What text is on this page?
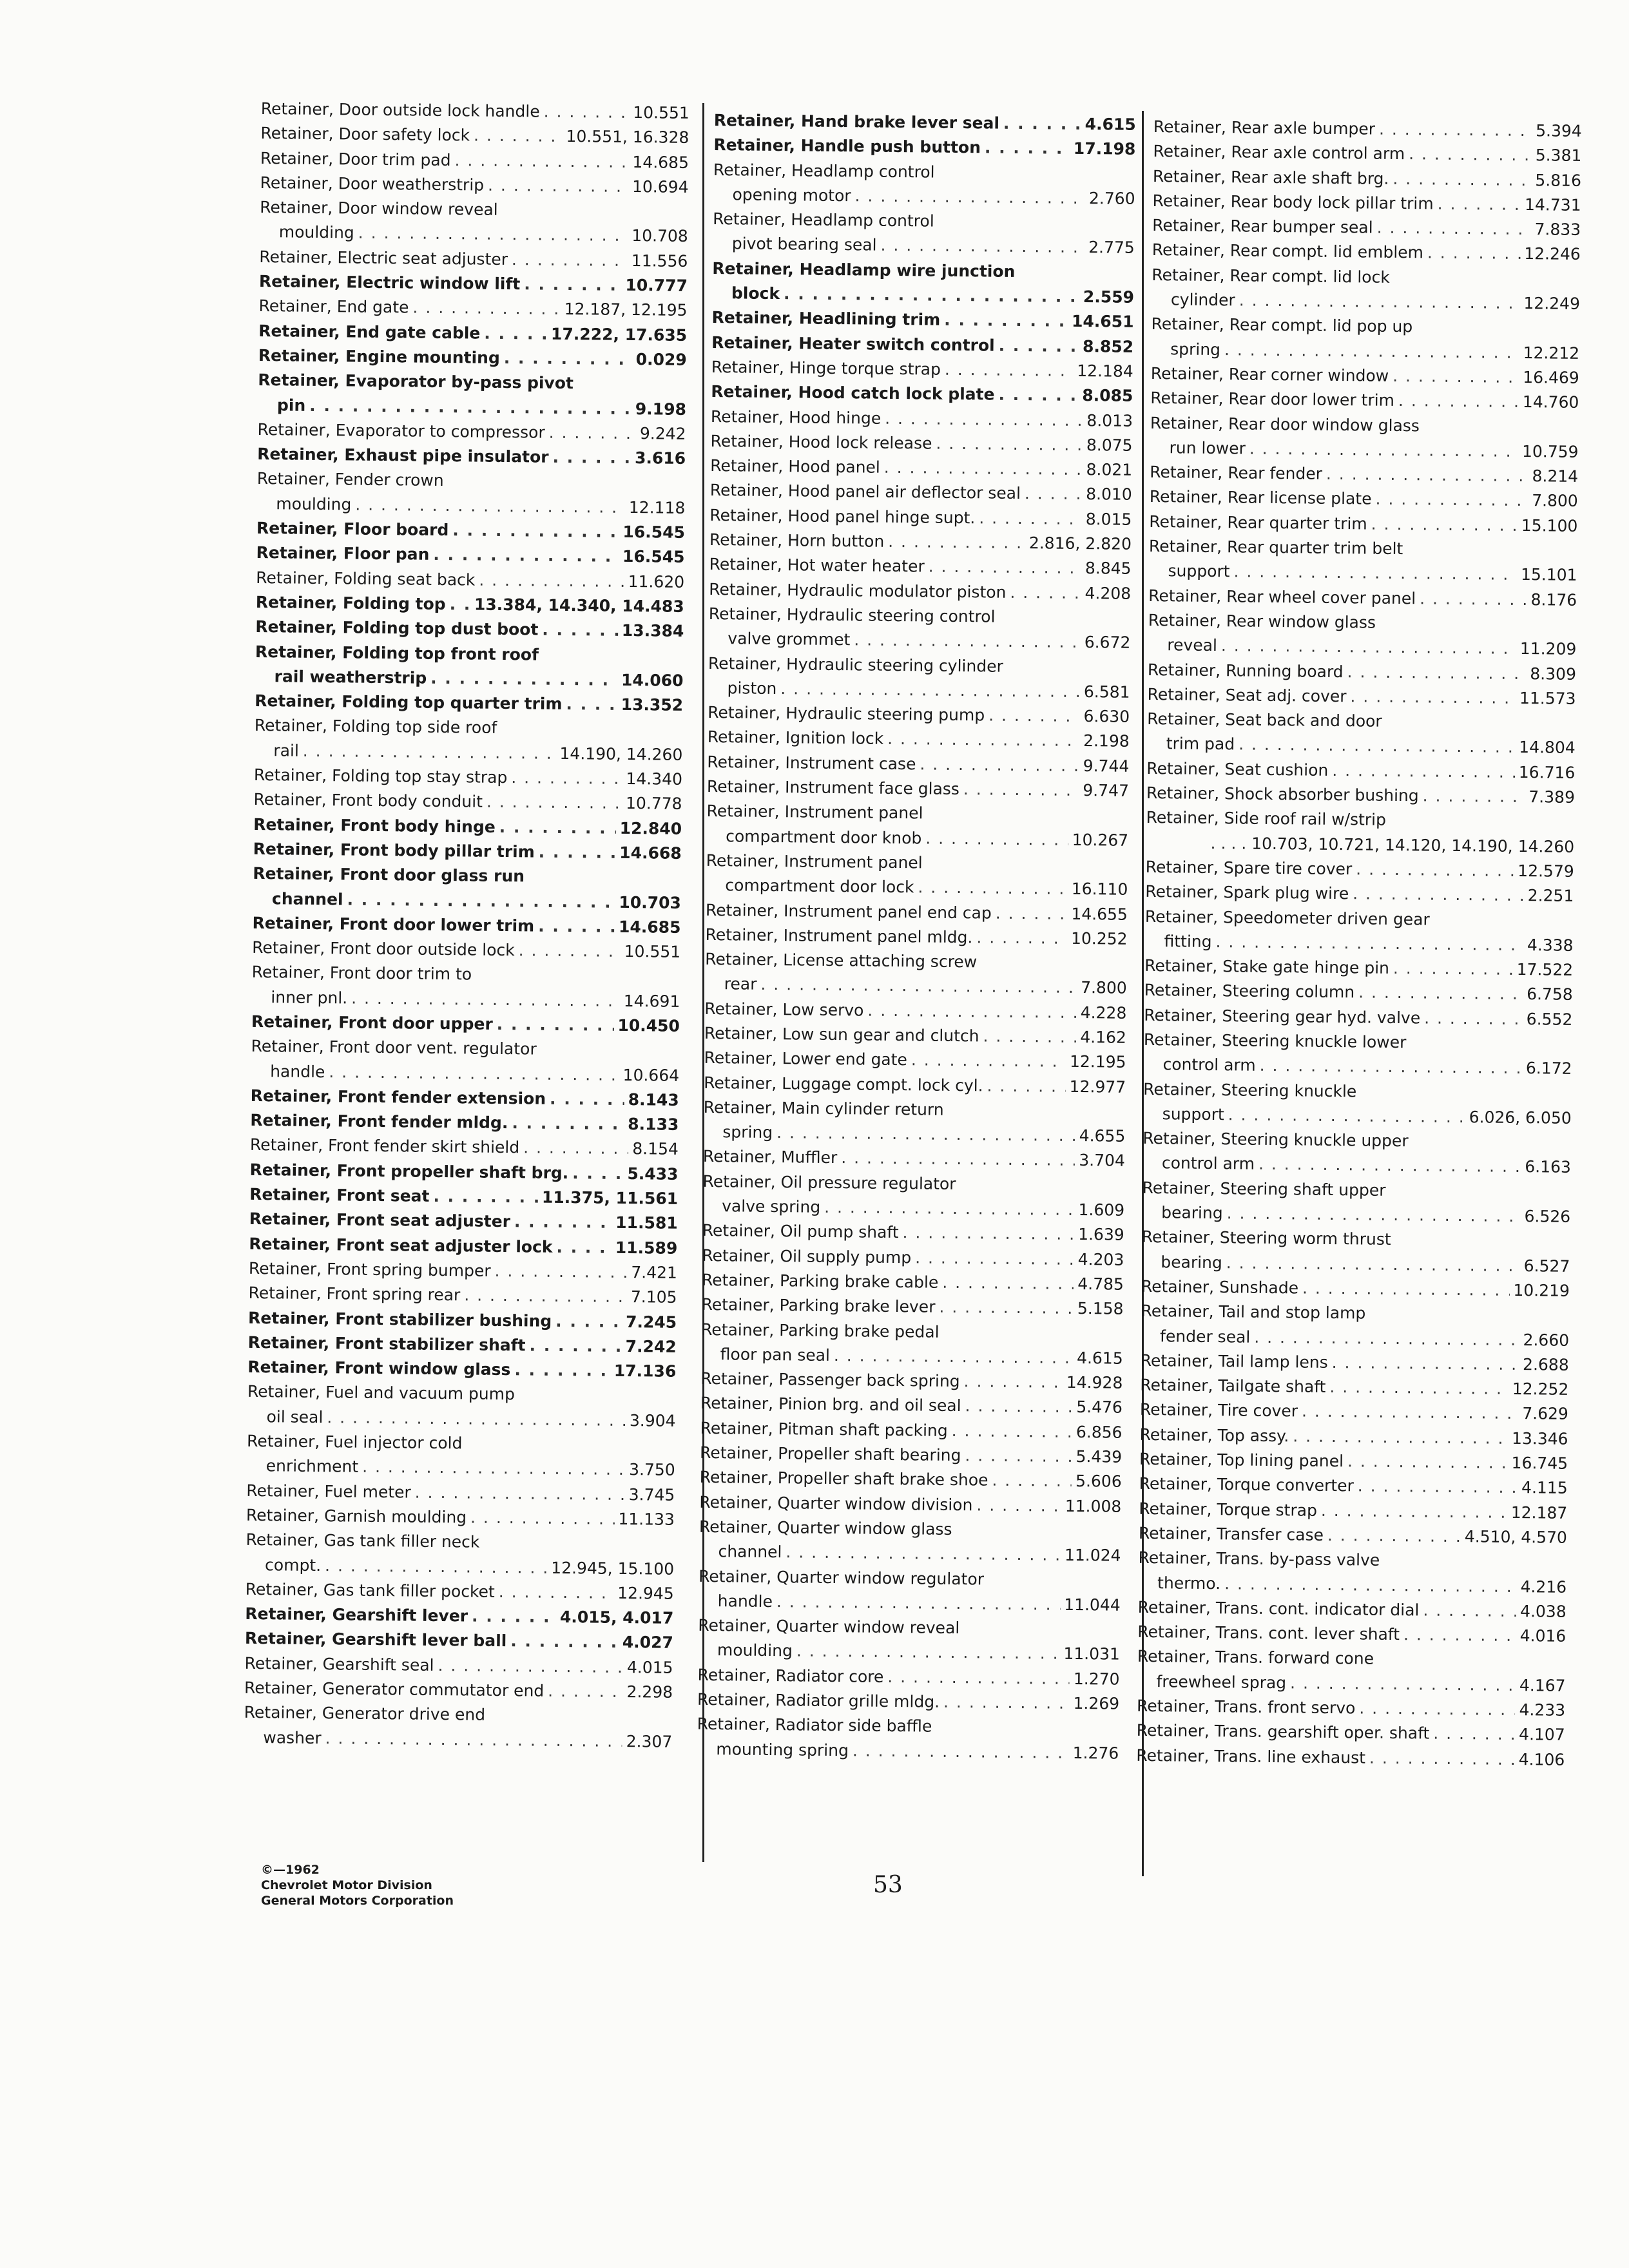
Retainer, Door outside lock handle . . .	10.551
Retainer, Door safety lock . . .	10.551, 16.328
Retainer, Door trim pad . . .	14.685
Retainer, Door weatherstrip . . .	10.694
Retainer, Door window reveal
moulding . . .	10.708
Retainer, Electric seat adjuster . . .	11.556
Retainer, Electric window lift . . .	10.777
Retainer, End gate . . .	12.187, 12.195
Retainer, End gate cable . . .	17.222, 17.635
Retainer, Engine mounting . . .	0.029
Retainer, Evaporator by-pass pivot
pin . . .	9.198
Retainer, Evaporator to compressor . . .	9.242
Retainer, Exhaust pipe insulator . . .	3.616
Retainer, Fender crown
moulding . . .	12.118
Retainer, Floor board . . .	16.545
Retainer, Floor pan . . .	16.545
Retainer, Folding seat back . . .	11.620
Retainer, Folding top . . . 13.384, 14.340, 14.483
Retainer, Folding top dust boot . . .	13.384
Retainer, Folding top front roof
rail weatherstrip . . .	14.060
Retainer, Folding top quarter trim . . .	13.352
Retainer, Folding top side roof
rail . . .	14.190, 14.260
Retainer, Folding top stay strap . . .	14.340
Retainer, Front body conduit . . .	10.778
Retainer, Front body hinge . . .	12.840
Retainer, Front body pillar trim . . .	14.668
Retainer, Front door glass run
channel . . .	10.703
Retainer, Front door lower trim . . .	14.685
Retainer, Front door outside lock . . .	10.551
Retainer, Front door trim to
inner pnl. . . .	14.691
Retainer, Front door upper . . .	10.450
Retainer, Front door vent. regulator
handle . . .	10.664
Retainer, Front fender extension . . .	8.143
Retainer, Front fender mldg. . . .	8.133
Retainer, Front fender skirt shield . . .	8.154
Retainer, Front propeller shaft brg. . . .	5.433
Retainer, Front seat . . .	11.375, 11.561
Retainer, Front seat adjuster . . .	11.581
Retainer, Front seat adjuster lock . . .	11.589
Retainer, Front spring bumper . . .	7.421
Retainer, Front spring rear . . .	7.105
Retainer, Front stabilizer bushing . . .	7.245
Retainer, Front stabilizer shaft . . .	7.242
Retainer, Front window glass . . .	17.136
Retainer, Fuel and vacuum pump
oil seal . . .	3.904
Retainer, Fuel injector cold
enrichment . . .	3.750
Retainer, Fuel meter . . .	3.745
Retainer, Garnish moulding . . .	11.133
Retainer, Gas tank filler neck
compt. . . .	12.945, 15.100
Retainer, Gas tank filler pocket . . .	12.945
Retainer, Gearshift lever . . .	4.015, 4.017
Retainer, Gearshift lever ball . . .	4.027
Retainer, Gearshift seal . . .	4.015
Retainer, Generator commutator end . . .	2.298
Retainer, Generator drive end
washer . . .	2.307
Retainer, Hand brake lever seal . . .	4.615
Retainer, Handle push button . . .	17.198
Retainer, Headlamp control
opening motor . . .	2.760
Retainer, Headlamp control
pivot bearing seal . . .	2.775
Retainer, Headlamp wire junction
block . . .	2.559
Retainer, Headlining trim . . .	14.651
Retainer, Heater switch control . . .	8.852
Retainer, Hinge torque strap . . .	12.184
Retainer, Hood catch lock plate . . .	8.085
Retainer, Hood hinge . . .	8.013
Retainer, Hood lock release . . .	8.075
Retainer, Hood panel . . .	8.021
Retainer, Hood panel air deflector seal . . .	8.010
Retainer, Hood panel hinge supt. . . .	8.015
Retainer, Horn button . . .	2.816, 2.820
Retainer, Hot water heater . . .	8.845
Retainer, Hydraulic modulator piston . . .	4.208
Retainer, Hydraulic steering control
valve grommet . . .	6.672
Retainer, Hydraulic steering cylinder
piston . . .	6.581
Retainer, Hydraulic steering pump . . .	6.630
Retainer, Ignition lock . . .	2.198
Retainer, Instrument case . . .	9.744
Retainer, Instrument face glass . . .	9.747
Retainer, Instrument panel
compartment door knob . . .	10.267
Retainer, Instrument panel
compartment door lock . . .	16.110
Retainer, Instrument panel end cap . . .	14.655
Retainer, Instrument panel mldg. . . .	10.252
Retainer, License attaching screw
rear . . .	7.800
Retainer, Low servo . . .	4.228
Retainer, Low sun gear and clutch . . .	4.162
Retainer, Lower end gate . . .	12.195
Retainer, Luggage compt. lock cyl. . . .	12.977
Retainer, Main cylinder return
spring . . .	4.655
Retainer, Muffler . . .	3.704
Retainer, Oil pressure regulator
valve spring . . .	1.609
Retainer, Oil pump shaft . . .	1.639
Retainer, Oil supply pump . . .	4.203
Retainer, Parking brake cable . . .	4.785
Retainer, Parking brake lever . . .	5.158
Retainer, Parking brake pedal
floor pan seal . . .	4.615
Retainer, Passenger back spring . . .	14.928
Retainer, Pinion brg. and oil seal . . .	5.476
Retainer, Pitman shaft packing . . .	6.856
Retainer, Propeller shaft bearing . . .	5.439
Retainer, Propeller shaft brake shoe . . .	5.606
Retainer, Quarter window division . . .	11.008
Retainer, Quarter window glass
channel . . .	11.024
Retainer, Quarter window regulator
handle . . .	11.044
Retainer, Quarter window reveal
moulding . . .	11.031
Retainer, Radiator core . . .	1.270
Retainer, Radiator grille mldg. . . .	1.269
Retainer, Radiator side baffle
mounting spring . . .	1.276
Retainer, Rear axle bumper . . .	5.394
Retainer, Rear axle control arm . . .	5.381
Retainer, Rear axle shaft brg. . . .	5.816
Retainer, Rear body lock pillar trim . . .	14.731
Retainer, Rear bumper seal . . .	7.833
Retainer, Rear compt. lid emblem . . .	12.246
Retainer, Rear compt. lid lock
cylinder . . .	12.249
Retainer, Rear compt. lid pop up
spring . . .	12.212
Retainer, Rear corner window . . .	16.469
Retainer, Rear door lower trim . . .	14.760
Retainer, Rear door window glass
run lower . . .	10.759
Retainer, Rear fender . . .	8.214
Retainer, Rear license plate . . .	7.800
Retainer, Rear quarter trim . . .	15.100
Retainer, Rear quarter trim belt
support . . .	15.101
Retainer, Rear wheel cover panel . . .	8.176
Retainer, Rear window glass
reveal . . .	11.209
Retainer, Running board . . .	8.309
Retainer, Seat adj. cover . . .	11.573
Retainer, Seat back and door
trim pad . . .	14.804
Retainer, Seat cushion . . .	16.716
Retainer, Shock absorber bushing . . .	7.389
Retainer, Side roof rail w/strip
. . . . 10.703, 10.721, 14.120, 14.190, 14.260
Retainer, Spare tire cover . . .	12.579
Retainer, Spark plug wire . . .	2.251
Retainer, Speedometer driven gear
fitting . . .	4.338
Retainer, Stake gate hinge pin . . .	17.522
Retainer, Steering column . . .	6.758
Retainer, Steering gear hyd. valve . . .	6.552
Retainer, Steering knuckle lower
control arm . . .	6.172
Retainer, Steering knuckle
support . . .	6.026, 6.050
Retainer, Steering knuckle upper
control arm . . .	6.163
Retainer, Steering shaft upper
bearing . . .	6.526
Retainer, Steering worm thrust
bearing . . .	6.527
Retainer, Sunshade . . .	10.219
Retainer, Tail and stop lamp
fender seal . . .	2.660
Retainer, Tail lamp lens . . .	2.688
Retainer, Tailgate shaft . . .	12.252
Retainer, Tire cover . . .	7.629
Retainer, Top assy. . . .	13.346
Retainer, Top lining panel . . .	16.745
Retainer, Torque converter . . .	4.115
Retainer, Torque strap . . .	12.187
Retainer, Transfer case . . .	4.510, 4.570
Retainer, Trans. by-pass valve
thermo. . . .	4.216
Retainer, Trans. cont. indicator dial . . .	4.038
Retainer, Trans. cont. lever shaft . . .	4.016
Retainer, Trans. forward cone
freewheel sprag . . .	4.167
Retainer, Trans. front servo . . .	4.233
Retainer, Trans. gearshift oper. shaft . . .	4.107
Retainer, Trans. line exhaust . . .	4.106
©—1962
Chevrolet Motor Division
General Motors Corporation
53
